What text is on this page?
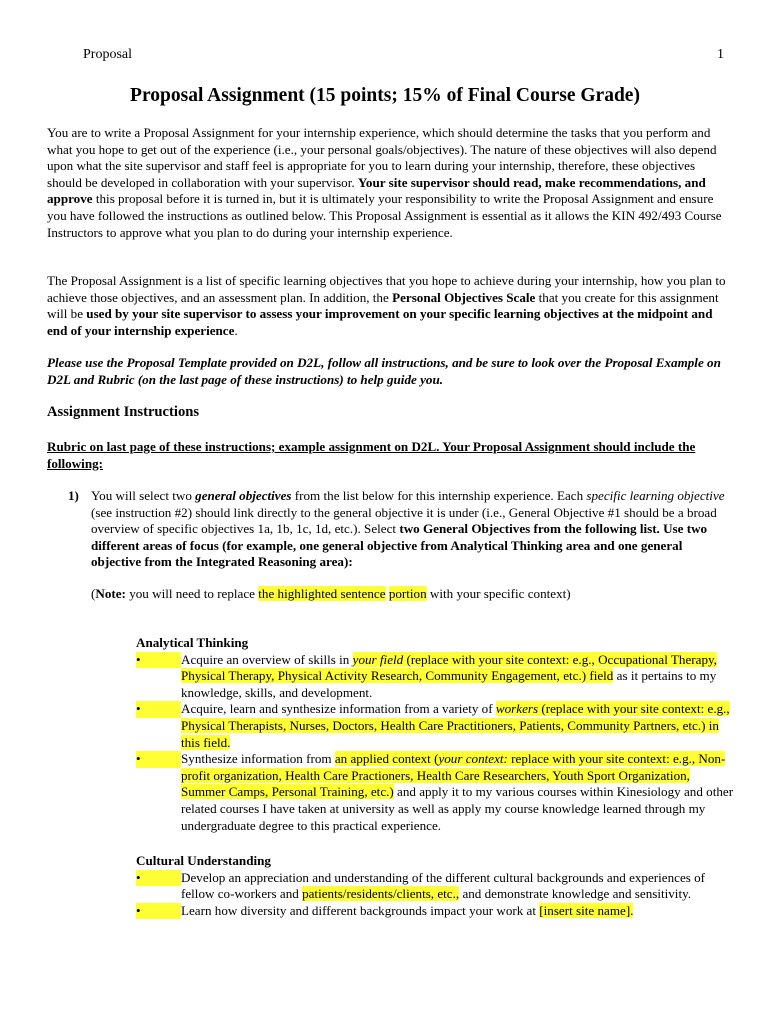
Proposal	1
Proposal Assignment (15 points; 15% of Final Course Grade)

You are to write a Proposal Assignment for your internship experience, which should determine the tasks that you perform and what you hope to get out of the experience (i.e., your personal goals/objectives). The nature of these objectives will also depend upon what the site supervisor and staff feel is appropriate for you to learn during your internship, therefore, these objectives should be developed in collaboration with your supervisor. Your site supervisor should read, make recommendations, and approve this proposal before it is turned in, but it is ultimately your responsibility to write the Proposal Assignment and ensure you have followed the instructions as outlined below. This Proposal Assignment is essential as it allows the KIN 492/493 Course Instructors to approve what you plan to do during your internship experience.

The Proposal Assignment is a list of specific learning objectives that you hope to achieve during your internship, how you plan to achieve those objectives, and an assessment plan. In addition, the Personal Objectives Scale that you create for this assignment will be used by your site supervisor to assess your improvement on your specific learning objectives at the midpoint and end of your internship experience.

Please use the Proposal Template provided on D2L, follow all instructions, and be sure to look over the Proposal Example on D2L and Rubric (on the last page of these instructions) to help guide you.

Assignment Instructions

Rubric on last page of these instructions; example assignment on D2L. Your Proposal Assignment should include the following:

1) You will select two general objectives from the list below for this internship experience. Each specific learning objective (see instruction #2) should link directly to the general objective it is under (i.e., General Objective #1 should be a broad overview of specific objectives 1a, 1b, 1c, 1d, etc.). Select two General Objectives from the following list. Use two different areas of focus (for example, one general objective from Analytical Thinking area and one general objective from the Integrated Reasoning area):

(Note: you will need to replace the highlighted sentence portion with your specific context)

Analytical Thinking
•	Acquire an overview of skills in your field (replace with your site context: e.g., Occupational Therapy, Physical Therapy, Physical Activity Research, Community Engagement, etc.) field as it pertains to my knowledge, skills, and development.
•	Acquire, learn and synthesize information from a variety of workers (replace with your site context: e.g., Physical Therapists, Nurses, Doctors, Health Care Practitioners, Patients, Community Partners, etc.) in this field.
•	Synthesize information from an applied context (your context: replace with your site context: e.g., Non-profit organization, Health Care Practioners, Health Care Researchers, Youth Sport Organization, Summer Camps, Personal Training, etc.) and apply it to my various courses within Kinesiology and other related courses I have taken at university as well as apply my course knowledge learned through my undergraduate degree to this practical experience.
Cultural Understanding
•	Develop an appreciation and understanding of the different cultural backgrounds and experiences of fellow co-workers and patients/residents/clients, etc., and demonstrate knowledge and sensitivity.
•	Learn how diversity and different backgrounds impact your work at [insert site name].
